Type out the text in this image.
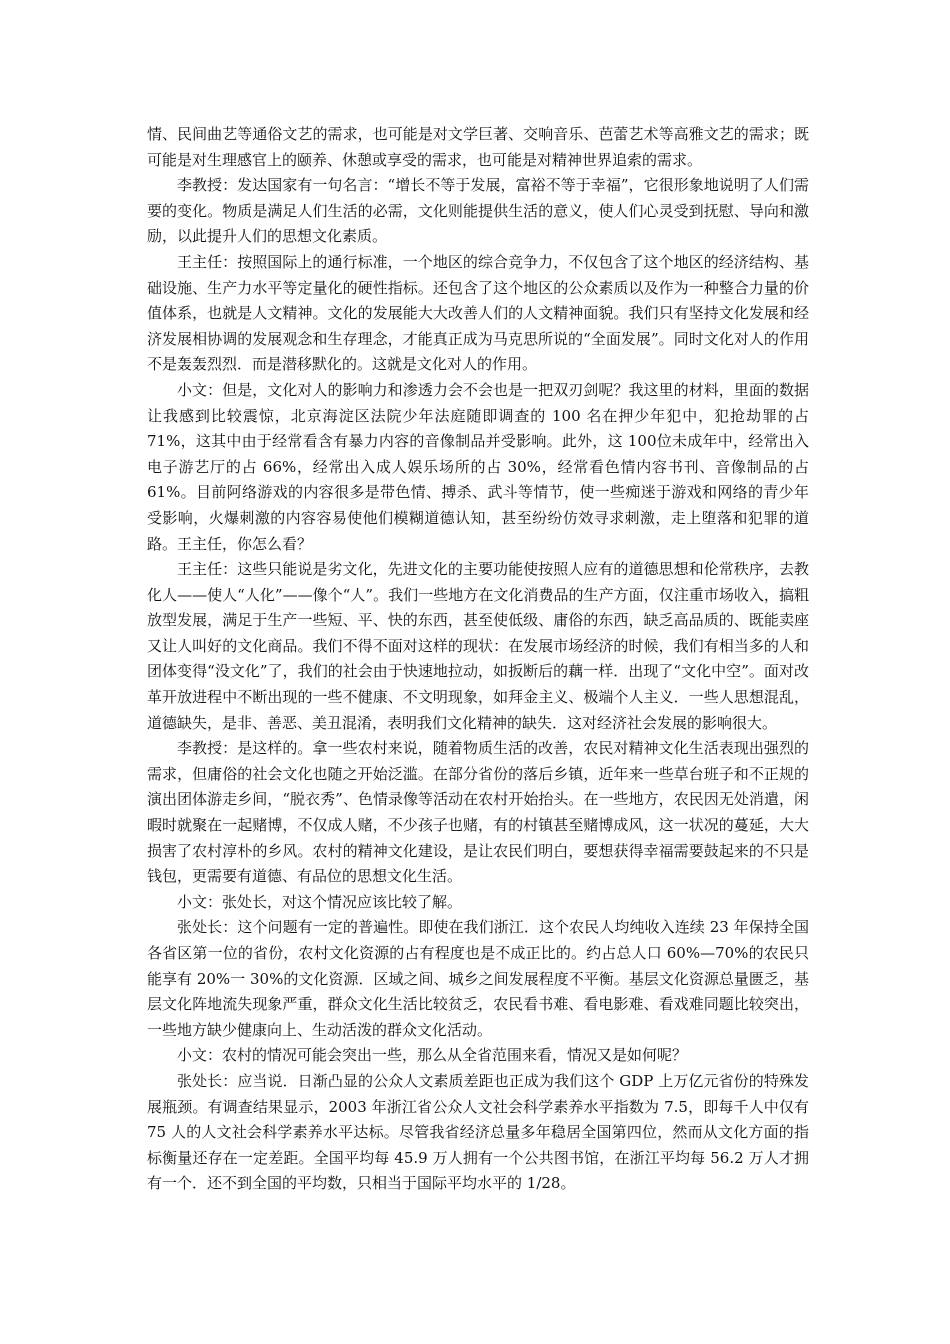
情、民间曲艺等通俗文艺的需求，也可能是对文学巨著、交响音乐、芭蕾艺术等高雅文艺的需求；既可能是对生理感官上的颐养、休憩或享受的需求，也可能是对精神世界追索的需求。

李教授：发达国家有一句名言：“增长不等于发展，富裕不等于幸福”，它很形象地说明了人们需要的变化。物质是满足人们生活的必需，文化则能提供生活的意义，使人们心灵受到抚慰、导向和激励，以此提升人们的思想文化素质。

王主任：按照国际上的通行标准，一个地区的综合竞争力，不仅包含了这个地区的经济结构、基础设施、生产力水平等定量化的硬性指标。还包含了这个地区的公众素质以及作为一种整合力量的价值体系，也就是人文精神。文化的发展能大大改善人们的人文精神面貌。我们只有坚持文化发展和经济发展相协调的发展观念和生存理念，才能真正成为马克思所说的“全面发展”。同时文化对人的作用不是轰轰烈烈．而是潜移默化的。这就是文化对人的作用。

小文：但是，文化对人的影响力和渗透力会不会也是一把双刃剑呢？我这里的材料，里面的数据让我感到比较震惊，北京海淀区法院少年法庭随即调查的 100 名在押少年犯中，犯抢劫罪的占 71%，这其中由于经常看含有暴力内容的音像制品并受影响。此外，这 100位未成年中，经常出入电子游艺厅的占 66%，经常出入成人娱乐场所的占 30%，经常看色情内容书刊、音像制品的占 61%。目前阿络游戏的内容很多是带色情、搏杀、武斗等情节，使一些痴迷于游戏和网络的青少年受影响，火爆刺激的内容容易使他们模糊道德认知，甚至纷纷仿效寻求刺激，走上堕落和犯罪的道路。王主任，你怎么看？

王主任：这些只能说是劣文化，先进文化的主要功能使按照人应有的道德思想和伦常秩序，去教化人——使人“人化”——像个“人”。我们一些地方在文化消费品的生产方面，仅注重市场收入，搞粗放型发展，满足于生产一些短、平、快的东西，甚至使低级、庸俗的东西，缺乏高品质的、既能卖座又让人叫好的文化商品。我们不得不面对这样的现状：在发展市场经济的时候，我们有相当多的人和团体变得“没文化”了，我们的社会由于快速地拉动，如扳断后的藕一样．出现了“文化中空”。面对改革开放进程中不断出现的一些不健康、不文明现象，如拜金主义、极端个人主义．一些人思想混乱，道德缺失，是非、善恶、美丑混淆，表明我们文化精神的缺失．这对经济社会发展的影响很大。

李教授：是这样的。拿一些农村来说，随着物质生活的改善，农民对精神文化生活表现出强烈的需求，但庸俗的社会文化也随之开始泛滥。在部分省份的落后乡镇，近年来一些草台班子和不正规的演出团体游走乡间，“脱衣秀”、色情录像等活动在农村开始抬头。在一些地方，农民因无处消遣，闲暇时就聚在一起赌博，不仅成人赌，不少孩子也赌，有的村镇甚至赌博成风，这一状况的蔓延，大大损害了农村淳朴的乡风。农村的精神文化建设，是让农民们明白，要想获得幸福需要鼓起来的不只是钱包，更需要有道德、有品位的思想文化生活。

小文：张处长，对这个情况应该比较了解。

张处长：这个问题有一定的普遍性。即使在我们浙江．这个农民人均纯收入连续 23 年保持全国各省区第一位的省份，农村文化资源的占有程度也是不成正比的。约占总人口 60%—70%的农民只能享有 20%一 30%的文化资源．区域之间、城乡之间发展程度不平衡。基层文化资源总量匮乏，基层文化阵地流失现象严重，群众文化生活比较贫乏，农民看书难、看电影难、看戏难同题比较突出，一些地方缺少健康向上、生动活泼的群众文化活动。

小文：农村的情况可能会突出一些，那么从全省范围来看，情况又是如何呢？

张处长：应当说．日渐凸显的公众人文素质差距也正成为我们这个 GDP 上万亿元省份的特殊发展瓶颈。有调查结果显示，2003 年浙江省公众人文社会科学素养水平指数为 7.5，即每千人中仅有 75 人的人文社会科学素养水平达标。尽管我省经济总量多年稳居全国第四位，然而从文化方面的指标衡量还存在一定差距。全国平均每 45.9 万人拥有一个公共图书馆，在浙江平均每 56.2 万人才拥有一个．还不到全国的平均数，只相当于国际平均水平的 1/28。
